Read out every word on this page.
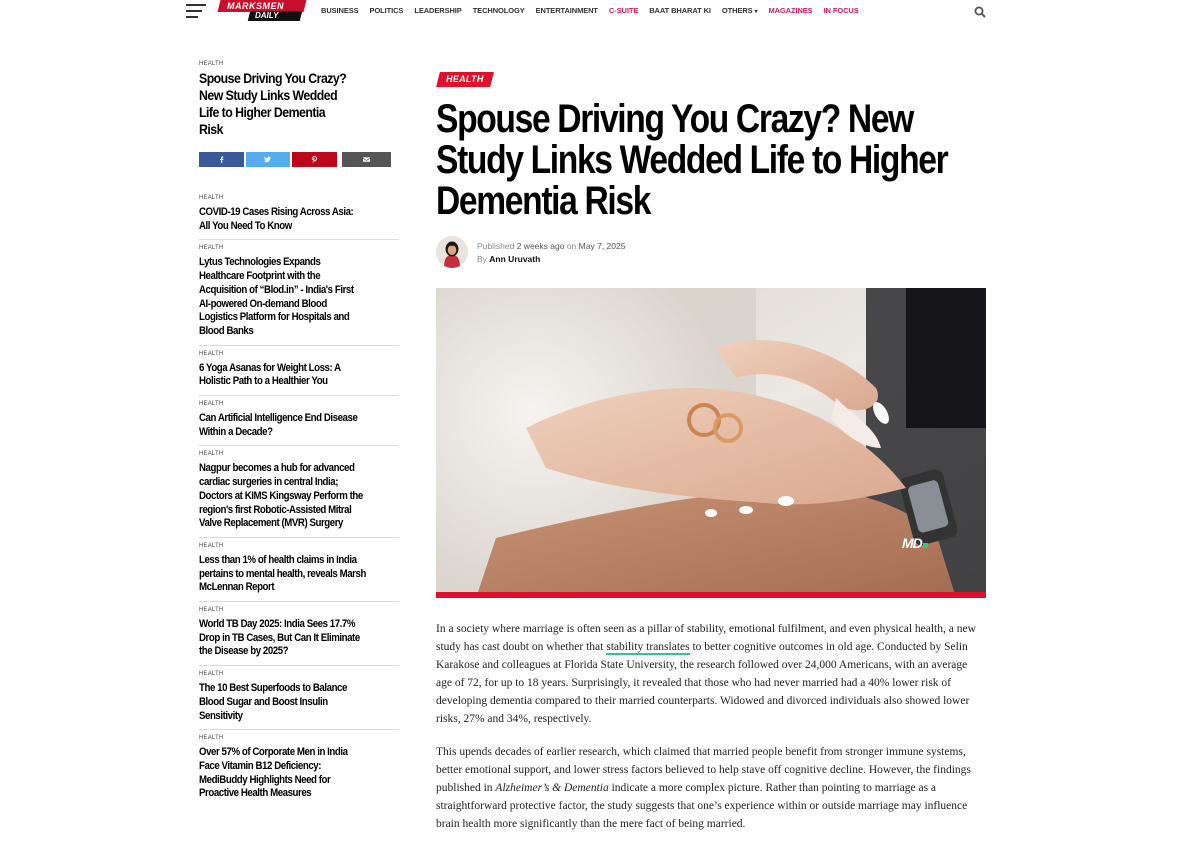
MARKSMEN
DAILY
BUSINESS POLITICS LEADERSHIP TECHNOLOGY ENTERTAINMENT C-SUITE BAAT BHARAT KI OTHERS ▾ MAGAZINES IN FOCUS
HEALTH
Spouse Driving You Crazy? New Study Links Wedded Life to Higher Dementia Risk
HEALTH
COVID-19 Cases Rising Across Asia: All You Need To Know
HEALTH
Lytus Technologies Expands Healthcare Footprint with the Acquisition of “Blod.in” - India's First AI-powered On-demand Blood Logistics Platform for Hospitals and Blood Banks
HEALTH
6 Yoga Asanas for Weight Loss: A Holistic Path to a Healthier You
HEALTH
Can Artificial Intelligence End Disease Within a Decade?
HEALTH
Nagpur becomes a hub for advanced cardiac surgeries in central India; Doctors at KIMS Kingsway Perform the region's first Robotic-Assisted Mitral Valve Replacement (MVR) Surgery
HEALTH
Less than 1% of health claims in India pertains to mental health, reveals Marsh McLennan Report
HEALTH
World TB Day 2025: India Sees 17.7% Drop in TB Cases, But Can It Eliminate the Disease by 2025?
HEALTH
The 10 Best Superfoods to Balance Blood Sugar and Boost Insulin Sensitivity
HEALTH
Over 57% of Corporate Men in India Face Vitamin B12 Deficiency: MediBuddy Highlights Need for Proactive Health Measures
HEALTH
Spouse Driving You Crazy? New Study Links Wedded Life to Higher Dementia Risk
Published 2 weeks ago on May 7, 2025
By Ann Uruvath
MD

In a society where marriage is often seen as a pillar of stability, emotional fulfilment, and even physical health, a new study has cast doubt on whether that stability translates to better cognitive outcomes in old age. Conducted by Selin Karakose and colleagues at Florida State University, the research followed over 24,000 Americans, with an average age of 72, for up to 18 years. Surprisingly, it revealed that those who had never married had a 40% lower risk of developing dementia compared to their married counterparts. Widowed and divorced individuals also showed lower risks, 27% and 34%, respectively.

This upends decades of earlier research, which claimed that married people benefit from stronger immune systems, better emotional support, and lower stress factors believed to help stave off cognitive decline. However, the findings published in Alzheimer’s & Dementia indicate a more complex picture. Rather than pointing to marriage as a straightforward protective factor, the study suggests that one’s experience within or outside marriage may influence brain health more significantly than the mere fact of being married.
